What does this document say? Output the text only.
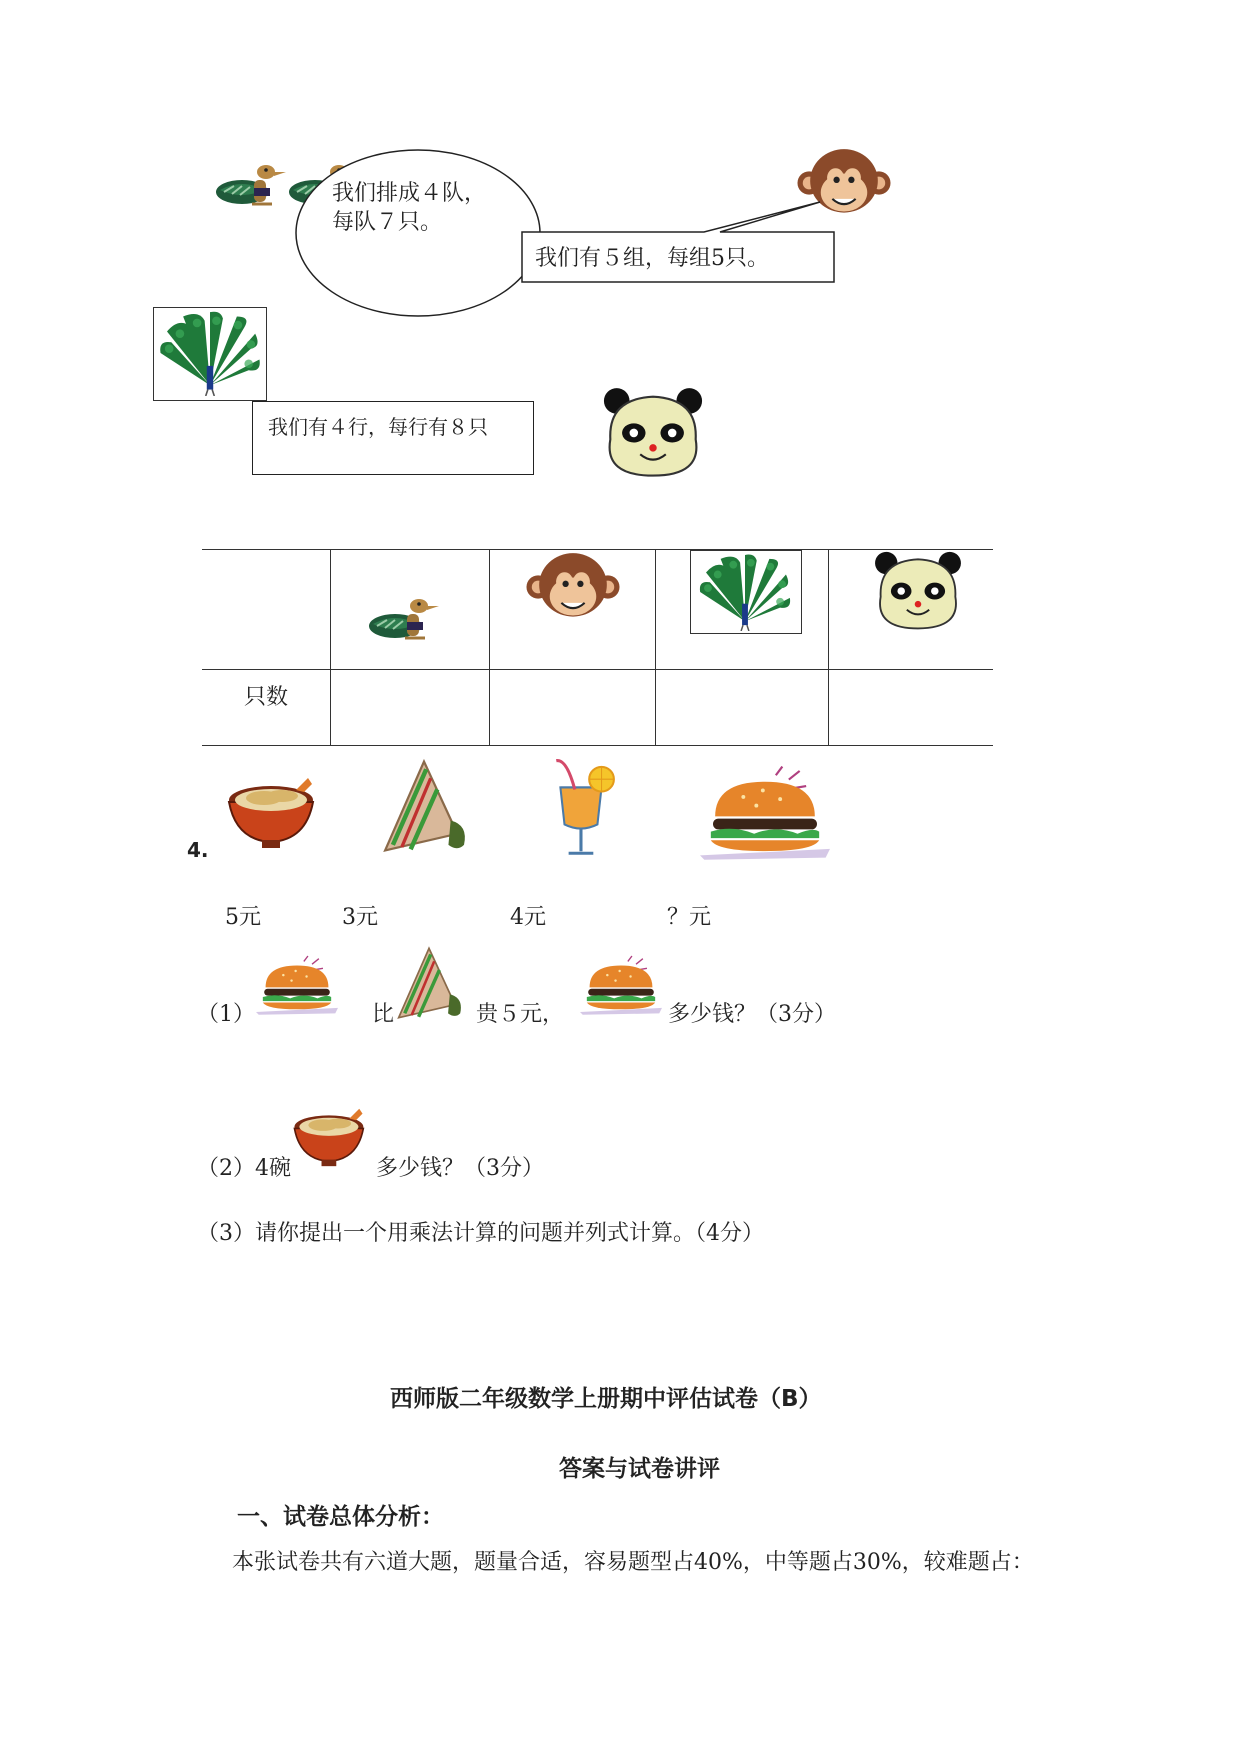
我们排成４队，
每队７只。
我们有５组，每组5只。
我们有４行，每行有８只

只数				

4.
5元	3元	4元	？元
（1）	比	贵５元，	多少钱？（3分）
（2）4碗	多少钱？（3分）
（3）请你提出一个用乘法计算的问题并列式计算。（4分）
西师版二年级数学上册期中评估试卷（B）
答案与试卷讲评
一、试卷总体分析：
本张试卷共有六道大题，题量合适，容易题型占40%，中等题占30%，较难题占：
